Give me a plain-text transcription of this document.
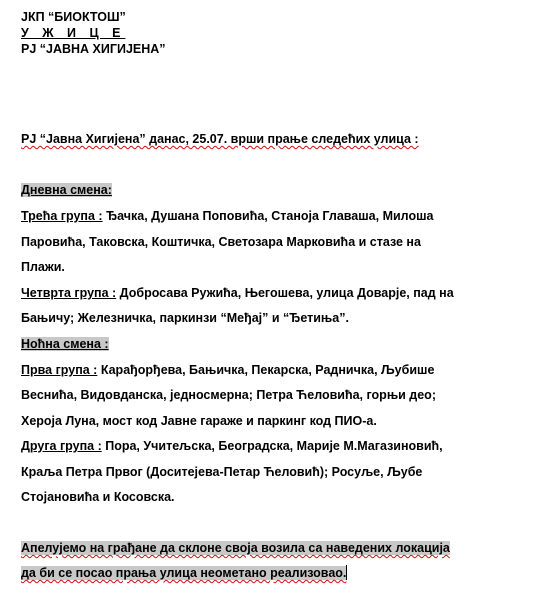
ЈКП “БИОКТОШ”
У Ж И Ц Е
PJ “ЈАВНА ХИГИЈЕНА”
PJ “Јавна Хигијена” данас, 25.07. врши прање следећих улица :
Дневна смена:
Трећа група : Ђачка, Душана Поповића, Станоја Главаша, Милоша
Паровића, Таковска, Коштичка, Светозара Марковића и стазе на
Плажи.
Четврта група : Добросава Ружића, Његошева, улица Доварје, пад на
Бањичу; Железничка, паркинзи “Мeђај” и “Ђетиња”.
Ноћна смена :
Прва група : Карађорђева, Бањичка, Пекарска, Радничка, Љубише
Веснића, Видовданска, једносмерна; Петра Ћеловића, горњи део;
Хероја Луна, мост код Јавне гараже и паркинг код ПИО-а.
Друга група : Пора, Учитељска, Београдска, Марије М.Магазиновић,
Краља Петра Првог (Доситејева-Петар Ћеловић); Росуље, Љубе
Стојановића и Косовска.
Апелујемо на грађане да склоне своја возила са наведених локација
да би се посао прања улица неометано реализовао.
